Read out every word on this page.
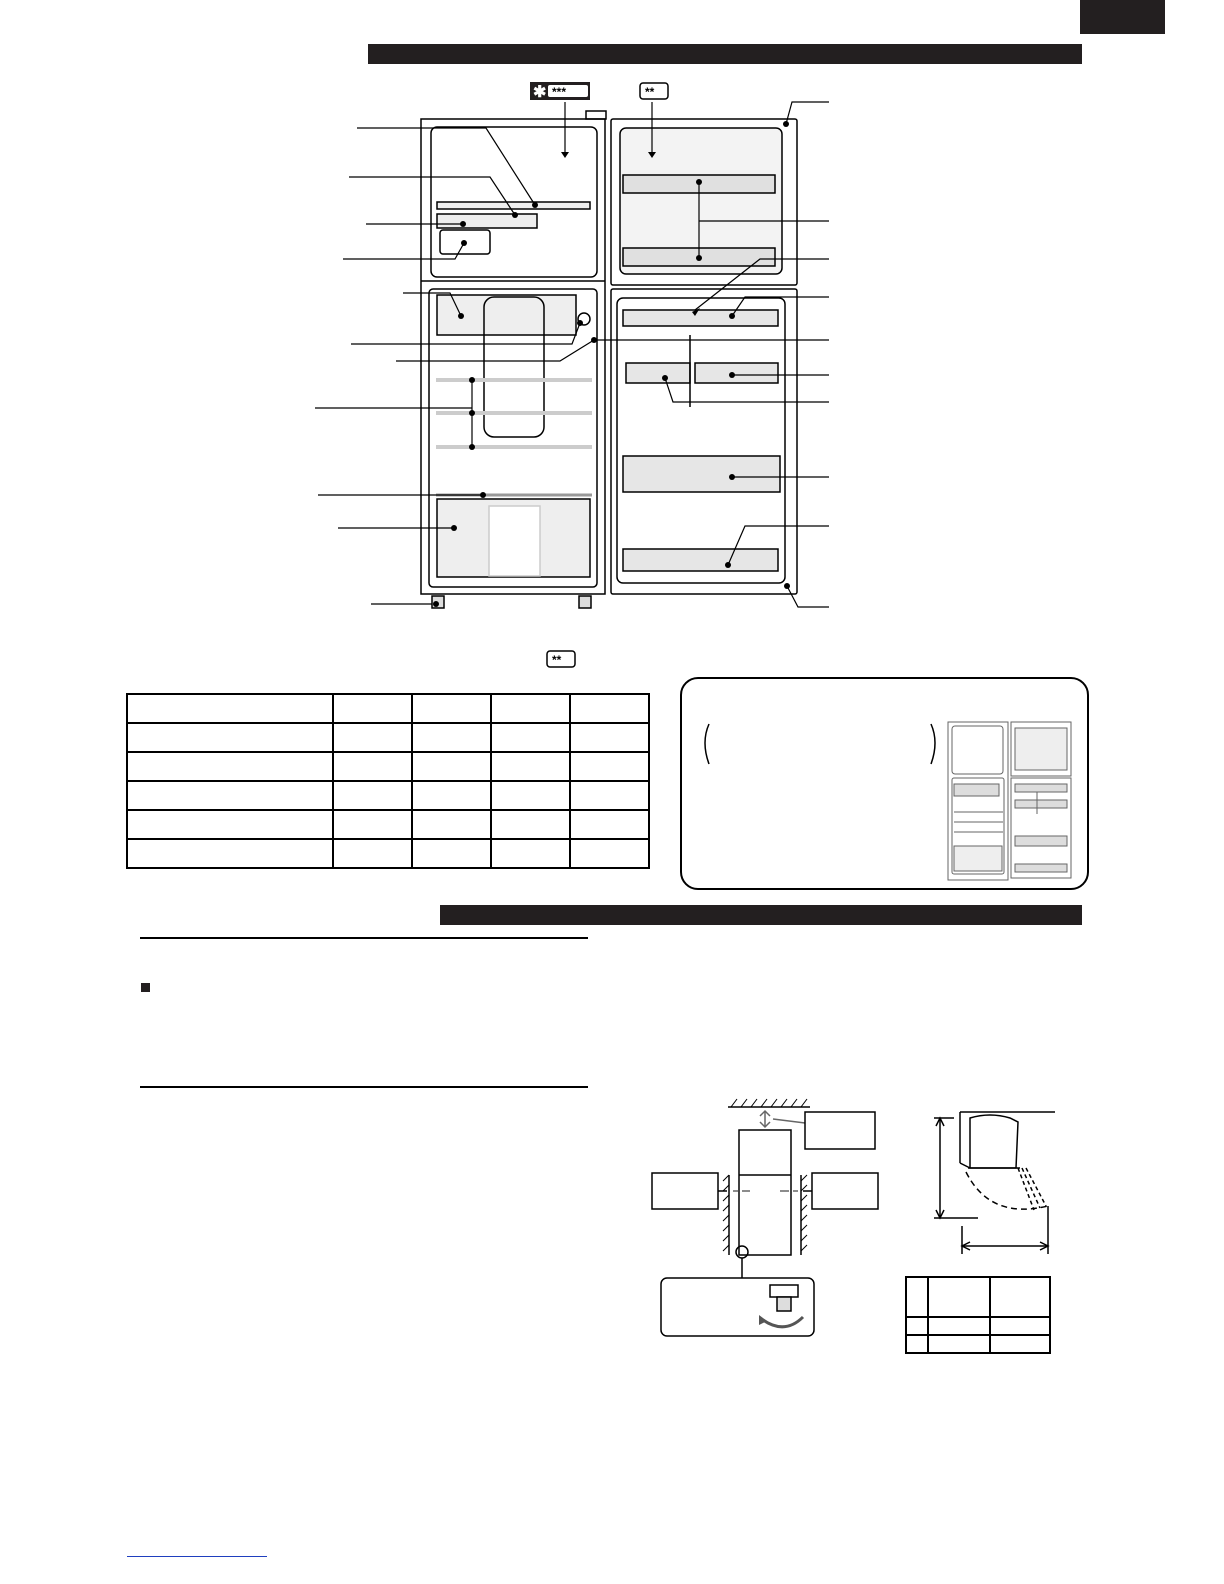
✱ ***	**
**
